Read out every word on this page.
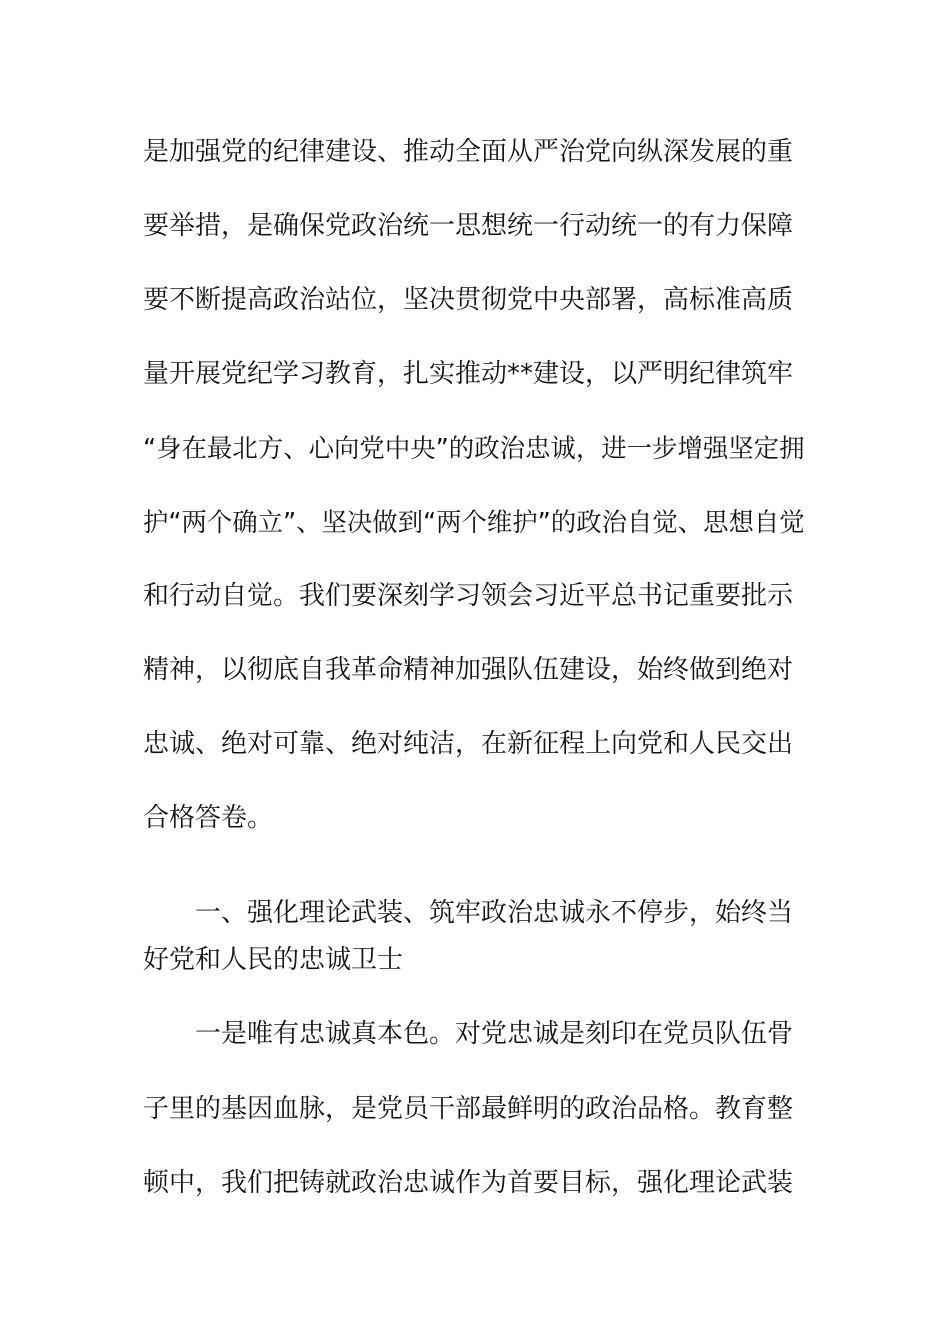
是加强党的纪律建设、推动全面从严治党向纵深发展的重
要举措，是确保党政治统一思想统一行动统一的有力保障
要不断提高政治站位，坚决贯彻党中央部署，高标准高质
量开展党纪学习教育，扎实推动**建设，以严明纪律筑牢
“身在最北方、心向党中央”的政治忠诚，进一步增强坚定拥
护“两个确立”、坚决做到“两个维护”的政治自觉、思想自觉
和行动自觉。我们要深刻学习领会习近平总书记重要批示
精神，以彻底自我革命精神加强队伍建设，始终做到绝对
忠诚、绝对可靠、绝对纯洁，在新征程上向党和人民交出
合格答卷。
一、强化理论武装、筑牢政治忠诚永不停步，始终当
好党和人民的忠诚卫士
一是唯有忠诚真本色。对党忠诚是刻印在党员队伍骨
子里的基因血脉，是党员干部最鲜明的政治品格。教育整
顿中，我们把铸就政治忠诚作为首要目标，强化理论武装
